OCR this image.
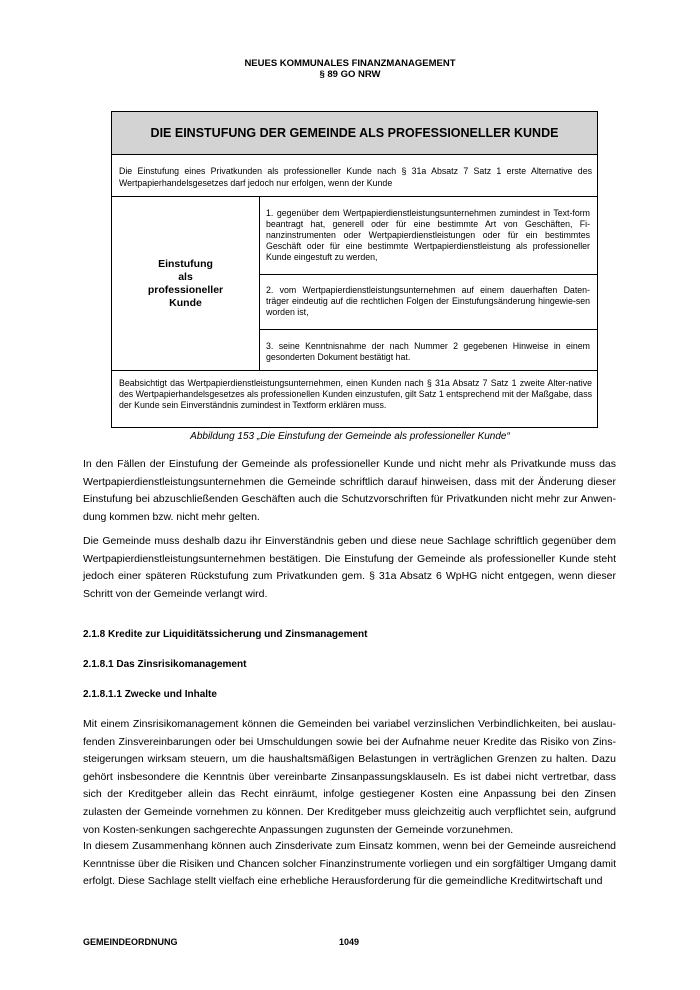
NEUES KOMMUNALES FINANZMANAGEMENT
§ 89 GO NRW
DIE EINSTUFUNG DER GEMEINDE ALS PROFESSIONELLER KUNDE
Die Einstufung eines Privatkunden als professioneller Kunde nach § 31a Absatz 7 Satz 1 erste Alternative des Wertpapierhandelsgesetzes darf jedoch nur erfolgen, wenn der Kunde
Einstufung
als
professioneller
Kunde
1. gegenüber dem Wertpapierdienstleistungsunternehmen zumindest in Text-form beantragt hat, generell oder für eine bestimmte Art von Geschäften, Fi-nanzinstrumenten oder Wertpapierdienstleistungen oder für ein bestimmtes Geschäft oder für eine bestimmte Wertpapierdienstleistung als professioneller Kunde eingestuft zu werden,
2. vom Wertpapierdienstleistungsunternehmen auf einem dauerhaften Daten-träger eindeutig auf die rechtlichen Folgen der Einstufungsänderung hingewie-sen worden ist,
3. seine Kenntnisnahme der nach Nummer 2 gegebenen Hinweise in einem gesonderten Dokument bestätigt hat.
Beabsichtigt das Wertpapierdienstleistungsunternehmen, einen Kunden nach § 31a Absatz 7 Satz 1 zweite Alter-native des Wertpapierhandelsgesetzes als professionellen Kunden einzustufen, gilt Satz 1 entsprechend mit der Maßgabe, dass der Kunde sein Einverständnis zumindest in Textform erklären muss.
Abbildung 153 „Die Einstufung der Gemeinde als professioneller Kunde“
In den Fällen der Einstufung der Gemeinde als professioneller Kunde und nicht mehr als Privatkunde muss das Wertpapierdienstleistungsunternehmen die Gemeinde schriftlich darauf hinweisen, dass mit der Änderung dieser Einstufung bei abzuschließenden Geschäften auch die Schutzvorschriften für Privatkunden nicht mehr zur Anwen-dung kommen bzw. nicht mehr gelten.
Die Gemeinde muss deshalb dazu ihr Einverständnis geben und diese neue Sachlage schriftlich gegenüber dem Wertpapierdienstleistungsunternehmen bestätigen. Die Einstufung der Gemeinde als professioneller Kunde steht jedoch einer späteren Rückstufung zum Privatkunden gem. § 31a Absatz 6 WpHG nicht entgegen, wenn dieser Schritt von der Gemeinde verlangt wird.
2.1.8 Kredite zur Liquiditätssicherung und Zinsmanagement
2.1.8.1 Das Zinsrisikomanagement
2.1.8.1.1 Zwecke und Inhalte
Mit einem Zinsrisikomanagement können die Gemeinden bei variabel verzinslichen Verbindlichkeiten, bei auslau-fenden Zinsvereinbarungen oder bei Umschuldungen sowie bei der Aufnahme neuer Kredite das Risiko von Zins-steigerungen wirksam steuern, um die haushaltsmäßigen Belastungen in verträglichen Grenzen zu halten. Dazu gehört insbesondere die Kenntnis über vereinbarte Zinsanpassungsklauseln. Es ist dabei nicht vertretbar, dass sich der Kreditgeber allein das Recht einräumt, infolge gestiegener Kosten eine Anpassung bei den Zinsen zulasten der Gemeinde vornehmen zu können. Der Kreditgeber muss gleichzeitig auch verpflichtet sein, aufgrund von Kosten-senkungen sachgerechte Anpassungen zugunsten der Gemeinde vorzunehmen.
In diesem Zusammenhang können auch Zinsderivate zum Einsatz kommen, wenn bei der Gemeinde ausreichend Kenntnisse über die Risiken und Chancen solcher Finanzinstrumente vorliegen und ein sorgfältiger Umgang damit erfolgt. Diese Sachlage stellt vielfach eine erhebliche Herausforderung für die gemeindliche Kreditwirtschaft und
GEMEINDEORDNUNG	1049
